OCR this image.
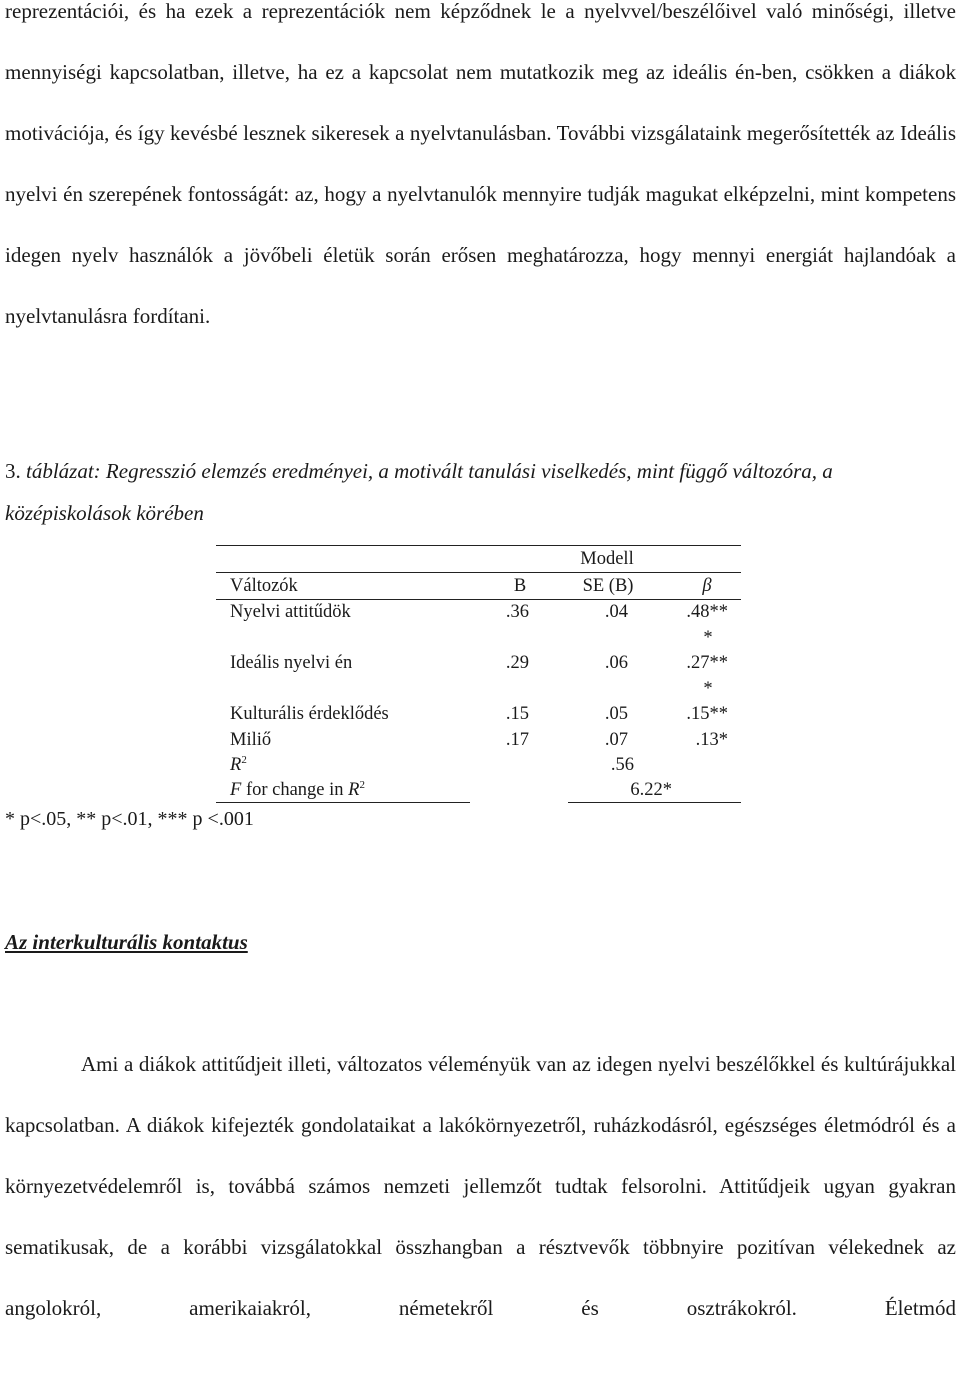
reprezentációi, és ha ezek a reprezentációk nem képződnek le a nyelvvel/beszélőivel való minőségi, illetve mennyiségi kapcsolatban, illetve, ha ez a kapcsolat nem mutatkozik meg az ideális én-ben, csökken a diákok motivációja, és így kevésbé lesznek sikeresek a nyelvtanulásban. További vizsgálataink megerősítették az Ideális nyelvi én szerepének fontosságát: az, hogy a nyelvtanulók mennyire tudják magukat elképzelni, mint kompetens idegen nyelv használók a jövőbeli életük során erősen meghatározza, hogy mennyi energiát hajlandóak a nyelvtanulásra fordítani.

3. táblázat: Regresszió elemzés eredményei, a motivált tanulási viselkedés, mint függő változóra, a középiskolások körében

Modell
Változók	B	SE (B)	β
Nyelvi attitűdök	.36	.04	.48**
*
Ideális nyelvi én	.29	.06	.27**
*
Kulturális érdeklődés	.15	.05	.15**
Miliő	.17	.07	.13*
$R^2$	.56
F for change in $R^2$	6.22*
* p<.05, ** p<.01, *** p <.001

Az interkulturális kontaktus

Ami a diákok attitűdjeit illeti, változatos véleményük van az idegen nyelvi beszélőkkel és kultúrájukkal kapcsolatban. A diákok kifejezték gondolataikat a lakókörnyezetről, ruházkodásról, egészséges életmódról és a környezetvédelemről is, továbbá számos nemzeti jellemzőt tudtak felsorolni. Attitűdjeik ugyan gyakran sematikusak, de a korábbi vizsgálatokkal összhangban a résztvevők többnyire pozitívan vélekednek az angolokról, amerikaiakról, németekről és osztrákokról. Életmód
